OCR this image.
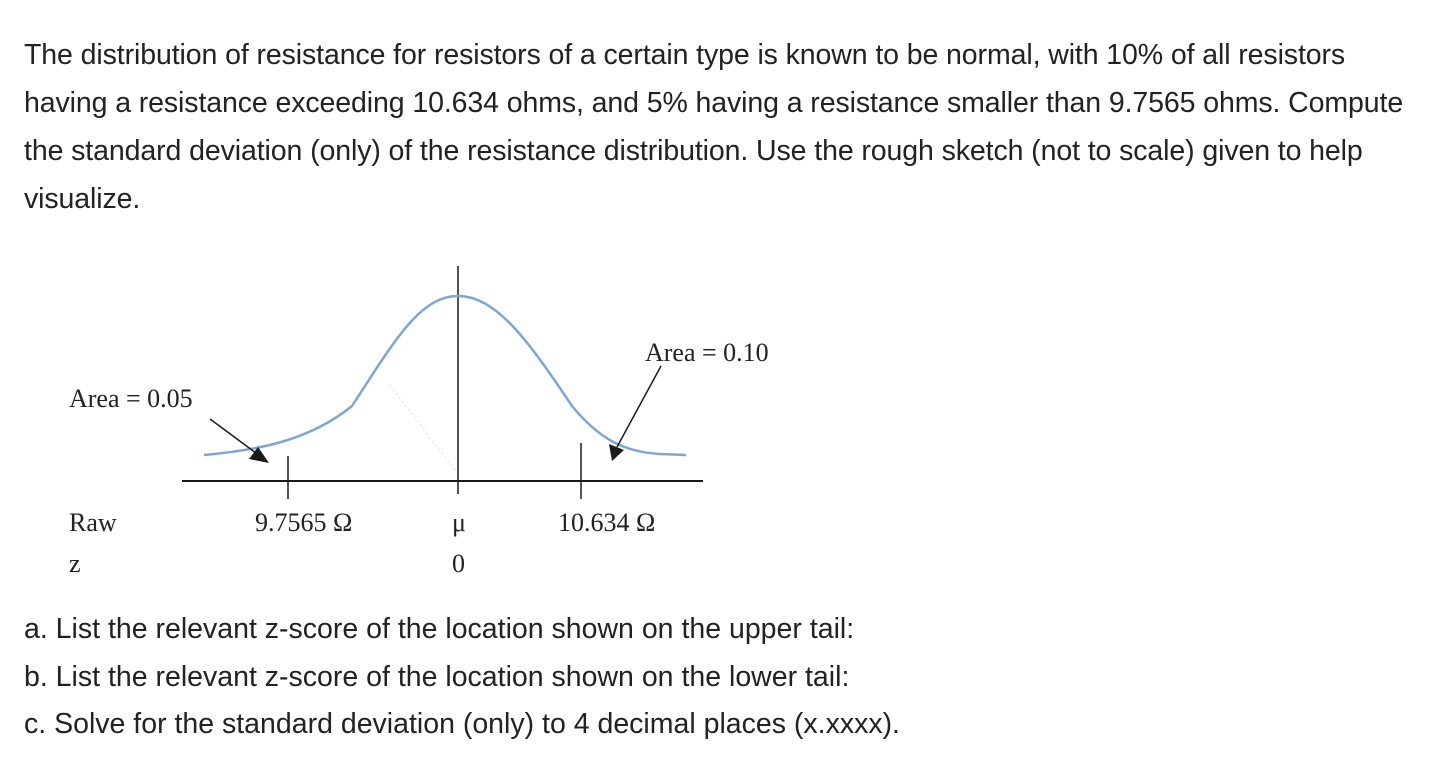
The distribution of resistance for resistors of a certain type is known to be normal, with 10% of all resistors having a resistance exceeding 10.634 ohms, and 5% having a resistance smaller than 9.7565 ohms. Compute the standard deviation (only) of the resistance distribution. Use the rough sketch (not to scale) given to help visualize.

Area = 0.05
Area = 0.10
Raw
z
9.7565 Ω	μ	10.634 Ω
0
a. List the relevant z-score of the location shown on the upper tail:
b. List the relevant z-score of the location shown on the lower tail:
c. Solve for the standard deviation (only) to 4 decimal places (x.xxxx).
